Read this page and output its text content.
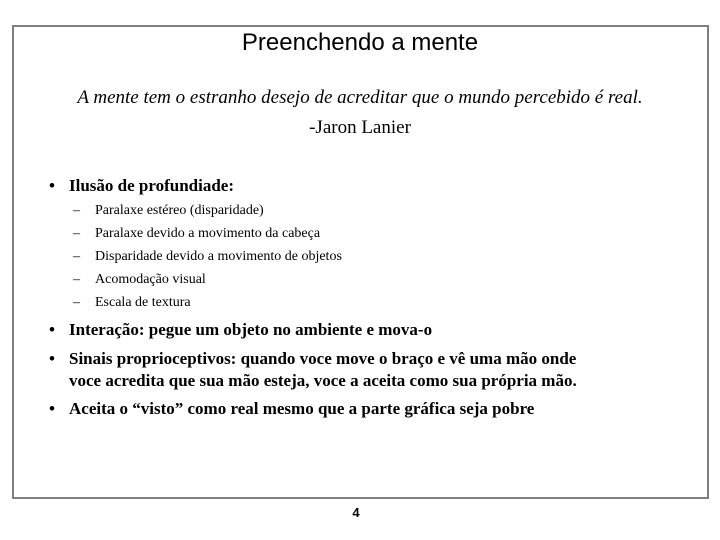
Preenchendo a mente
A mente tem o estranho desejo de acreditar que o mundo percebido é real.
-Jaron Lanier
• Ilusão de profundiade:
– Paralaxe estéreo (disparidade)
– Paralaxe devido a movimento da cabeça
– Disparidade devido a movimento de objetos
– Acomodação visual
– Escala de textura
• Interação: pegue um objeto no ambiente e mova-o
• Sinais proprioceptivos: quando voce move o braço e vê uma mão onde
voce acredita que sua mão esteja, voce a aceita como sua própria mão.
• Aceita o “visto” como real mesmo que a parte gráfica seja pobre
4
